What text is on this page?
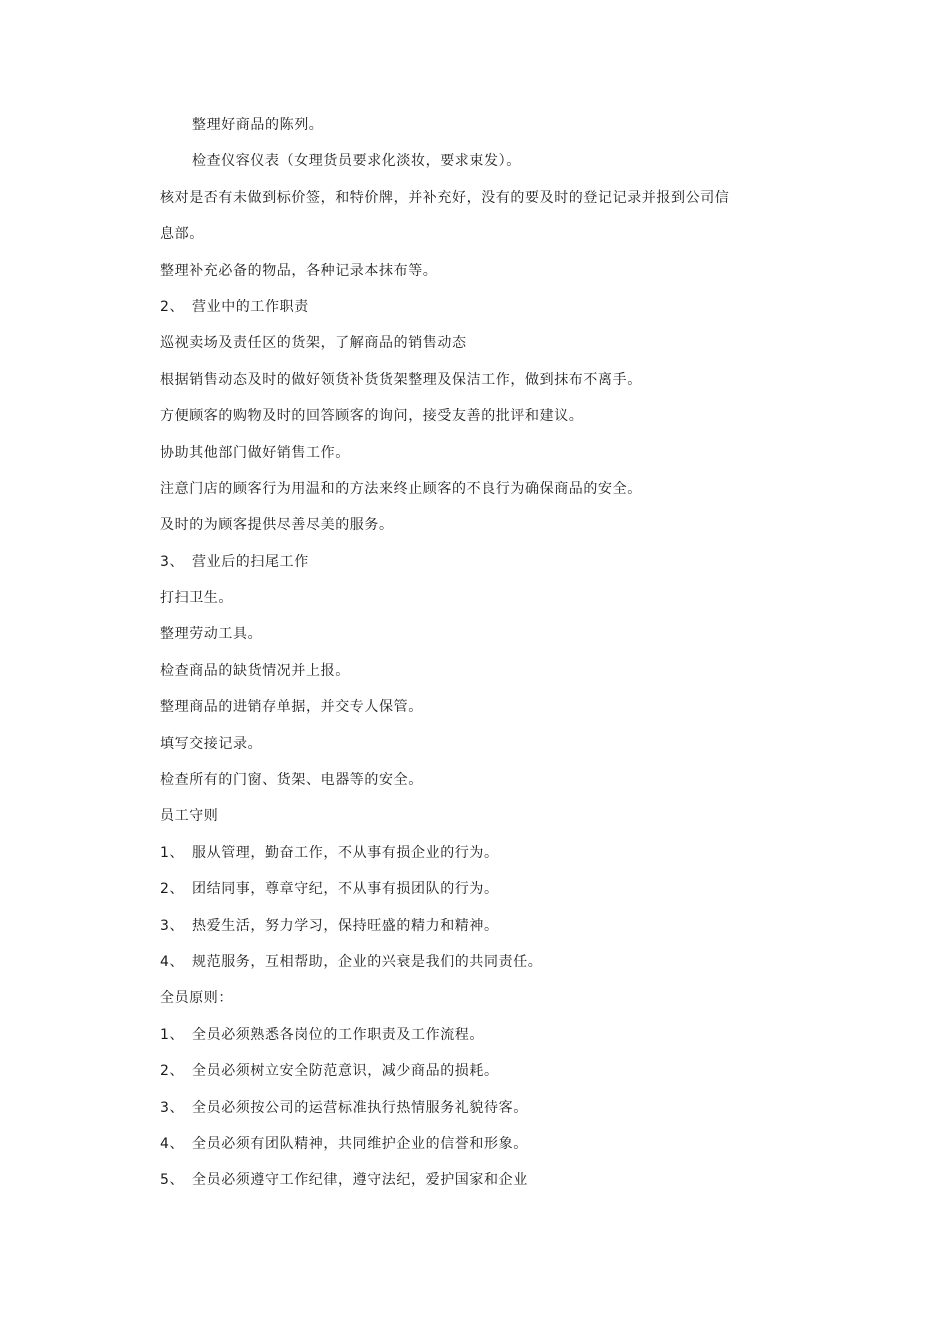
整理好商品的陈列。
检查仪容仪表（女理货员要求化淡妆，要求束发）。
核对是否有未做到标价签，和特价牌，并补充好，没有的要及时的登记记录并报到公司信
息部。
整理补充必备的物品，各种记录本抹布等。
2、 营业中的工作职责
巡视卖场及责任区的货架，了解商品的销售动态
根据销售动态及时的做好领货补货货架整理及保洁工作，做到抹布不离手。
方便顾客的购物及时的回答顾客的询问，接受友善的批评和建议。
协助其他部门做好销售工作。
注意门店的顾客行为用温和的方法来终止顾客的不良行为确保商品的安全。
及时的为顾客提供尽善尽美的服务。
3、 营业后的扫尾工作
打扫卫生。
整理劳动工具。
检查商品的缺货情况并上报。
整理商品的进销存单据，并交专人保管。
填写交接记录。
检查所有的门窗、货架、电器等的安全。
员工守则
1、 服从管理，勤奋工作，不从事有损企业的行为。
2、 团结同事，尊章守纪，不从事有损团队的行为。
3、 热爱生活，努力学习，保持旺盛的精力和精神。
4、 规范服务，互相帮助，企业的兴衰是我们的共同责任。
全员原则：
1、 全员必须熟悉各岗位的工作职责及工作流程。
2、 全员必须树立安全防范意识，减少商品的损耗。
3、 全员必须按公司的运营标准执行热情服务礼貌待客。
4、 全员必须有团队精神，共同维护企业的信誉和形象。
5、 全员必须遵守工作纪律，遵守法纪，爱护国家和企业
